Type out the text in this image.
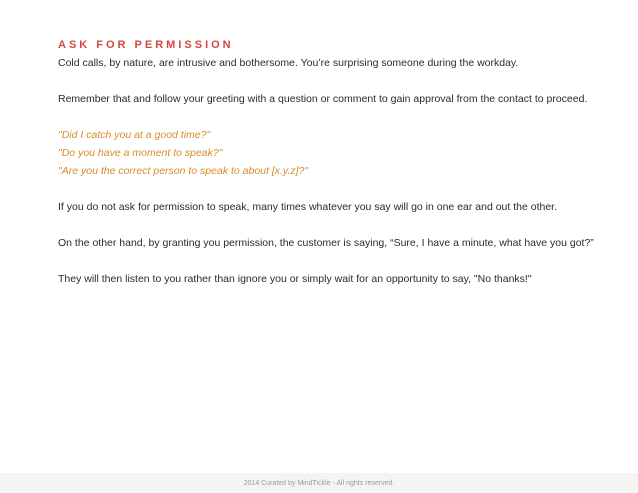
ASK FOR PERMISSION

Cold calls, by nature, are intrusive and bothersome. You’re surprising someone during the workday.

Remember that and follow your greeting with a question or comment to gain approval from the contact to proceed.

"Did I catch you at a good time?"
"Do you have a moment to speak?"
"Are you the correct person to speak to about [x.y.z]?"

If you do not ask for permission to speak, many times whatever you say will go in one ear and out the other.

On the other hand, by granting you permission, the customer is saying, “Sure, I have a minute, what have you got?”

They will then listen to you rather than ignore you or simply wait for an opportunity to say, "No thanks!"

2014 Curated by MindTickle - All rights reserved.
